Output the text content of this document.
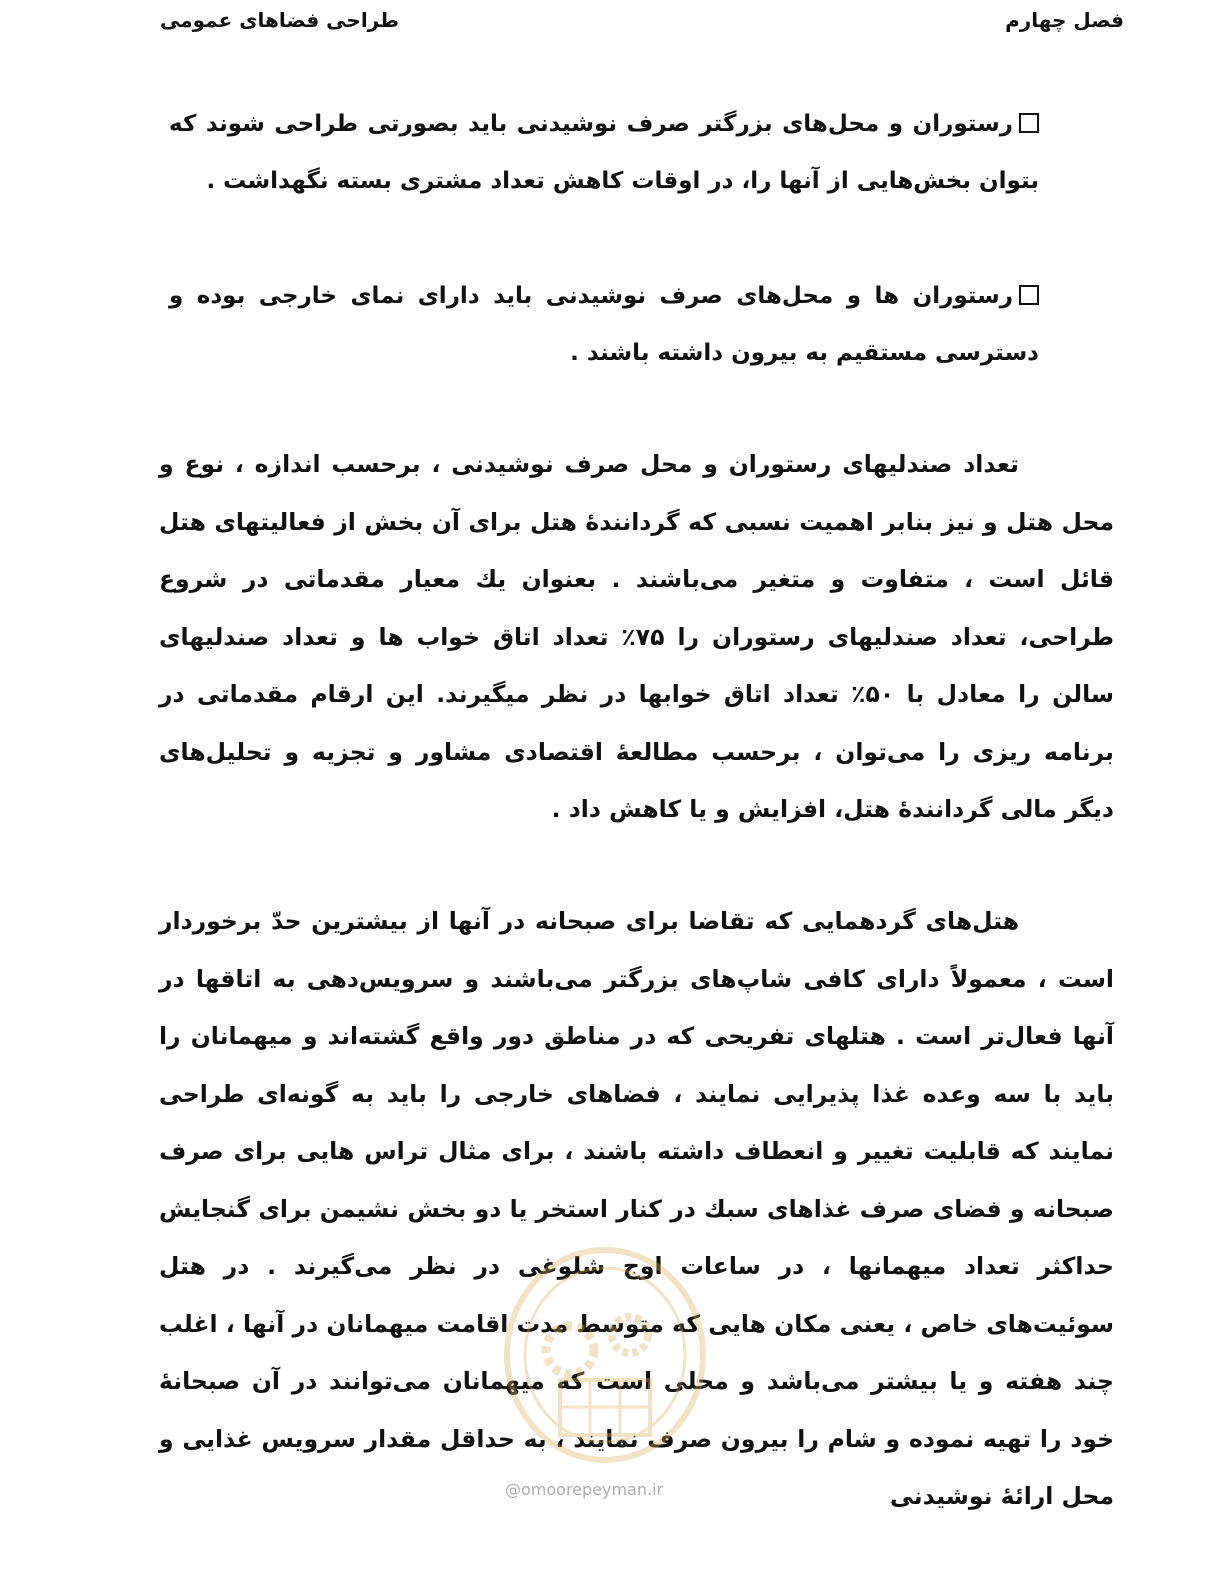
فصل چهارم
طراحی فضاهای عمومی
رستوران و محل‌های بزرگتر صرف نوشیدنی باید بصورتی طراحی شوند که بتوان بخش‌هایی از آنها را، در اوقات کاهش تعداد مشتری بسته نگهداشت .
رستوران ها و محل‌های صرف نوشیدنی باید دارای نمای خارجی بوده و دسترسی مستقیم به بیرون داشته باشند .
تعداد صندلیهای رستوران و محل صرف نوشیدنی ، برحسب اندازه ، نوع و محل هتل و نیز بنابر اهمیت نسبی که گردانندهٔ هتل برای آن بخش از فعالیتهای هتل قائل است ، متفاوت و متغیر می‌باشند . بعنوان یك معیار مقدماتی در شروع طراحی، تعداد صندلیهای رستوران را ۷۵٪ تعداد اتاق خواب ها و تعداد صندلیهای سالن را معادل با ۵۰٪ تعداد اتاق خوابها در نظر میگیرند. این ارقام مقدماتی در برنامه ریزی را می‌توان ، برحسب مطالعهٔ اقتصادی مشاور و تجزیه و تحلیل‌های دیگر مالی گردانندهٔ هتل، افزایش و یا کاهش داد .
هتل‌های گردهمایی که تقاضا برای صبحانه در آنها از بیشترین حدّ برخوردار است ، معمولاً دارای کافی شاپ‌های بزرگتر می‌باشند و سرویس‌دهی به اتاقها در آنها فعال‌تر است . هتلهای تفریحی که در مناطق دور واقع گشته‌اند و میهمانان را باید با سه وعده غذا پذیرایی نمایند ، فضاهای خارجی را باید به گونه‌ای طراحی نمایند که قابلیت تغییر و انعطاف داشته باشند ، برای مثال تراس هایی برای صرف صبحانه و فضای صرف غذاهای سبك در کنار استخر یا دو بخش نشیمن برای گنجایش حداکثر تعداد میهمانها ، در ساعات اوج شلوغی در نظر می‌گیرند . در هتل سوئیت‌های خاص ، یعنی مکان هایی که متوسط مدت اقامت میهمانان در آنها ، اغلب چند هفته و یا بیشتر می‌باشد و محلی است که میهمانان می‌توانند در آن صبحانهٔ خود را تهیه نموده و شام را بیرون صرف نمایند ، به حداقل مقدار سرویس غذایی و محل ارائهٔ نوشیدنی
@omoorepeyman.ir
